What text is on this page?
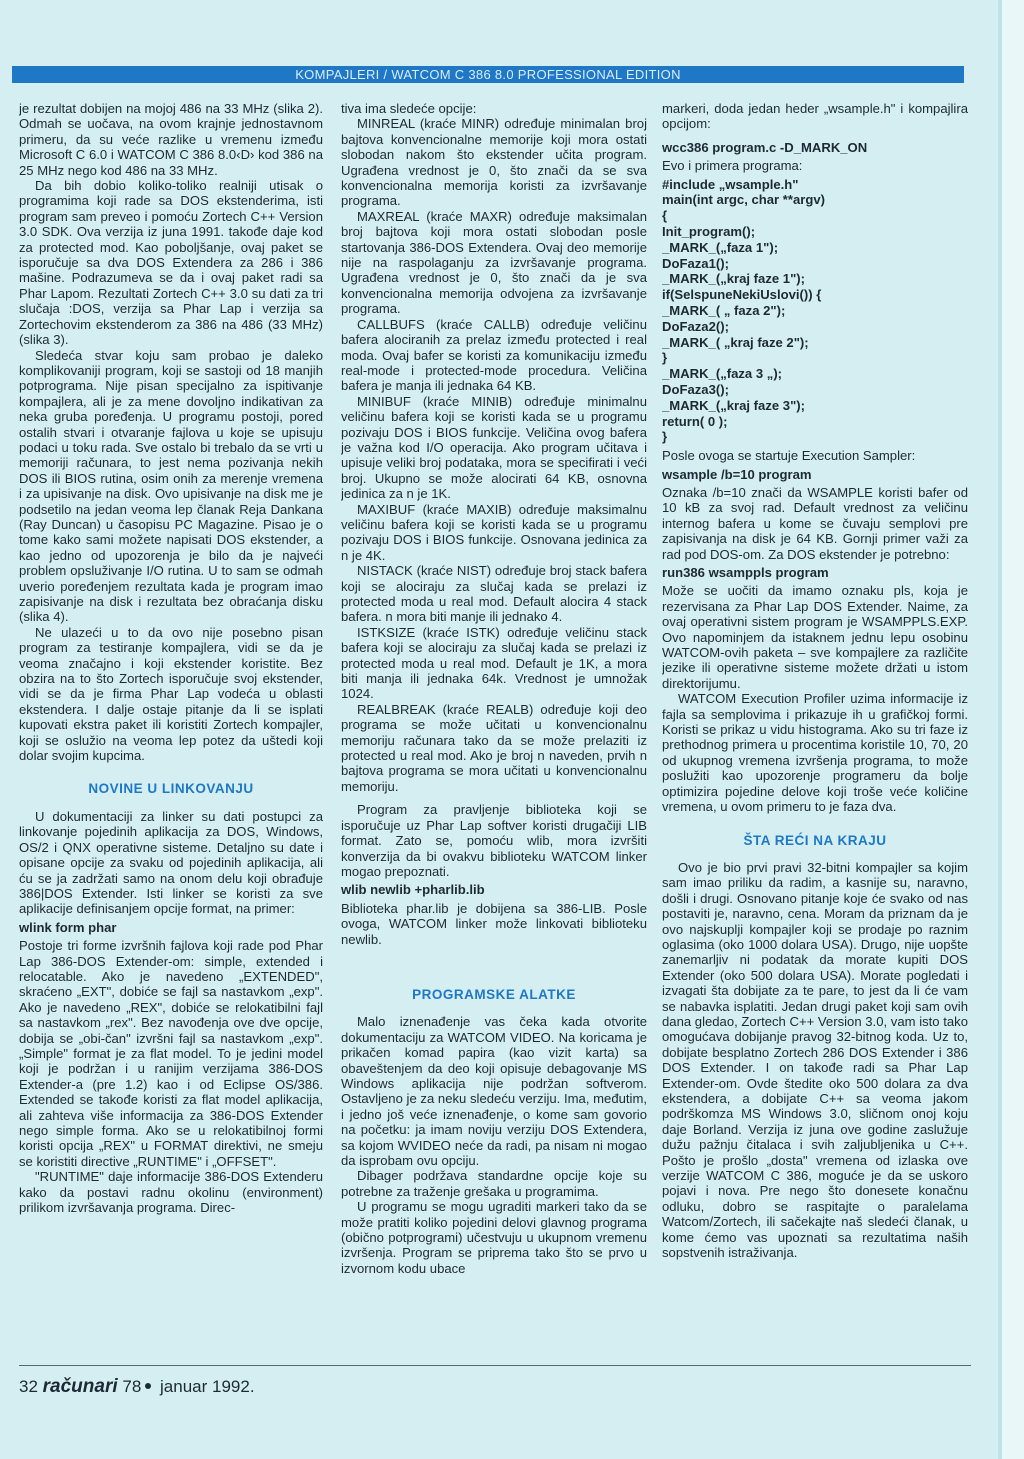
KOMPAJLERI / WATCOM C 386 8.0 PROFESSIONAL EDITION

je rezultat dobijen na mojoj 486 na 33 MHz (slika 2). Odmah se uočava, na ovom krajnje jednostavnom primeru, da su veće razlike u vremenu između Microsoft C 6.0 i WATCOM C 386 8.0‹D› kod 386 na 25 MHz nego kod 486 na 33 MHz.

Da bih dobio koliko-toliko realniji utisak o programima koji rade sa DOS ekstenderima, isti program sam preveo i pomoću Zortech C++ Version 3.0 SDK. Ova verzija iz juna 1991. takođe daje kod za protected mod. Kao poboljšanje, ovaj paket se isporučuje sa dva DOS Extendera za 286 i 386 mašine. Podrazumeva se da i ovaj paket radi sa Phar Lapom. Rezultati Zortech C++ 3.0 su dati za tri slučaja :DOS, verzija sa Phar Lap i verzija sa Zortechovim ekstenderom za 386 na 486 (33 MHz) (slika 3).

Sledeća stvar koju sam probao je daleko komplikovaniji program, koji se sastoji od 18 manjih potprograma. Nije pisan specijalno za ispitivanje kompajlera, ali je za mene dovoljno indikativan za neka gruba poređenja. U programu postoji, pored ostalih stvari i otvaranje fajlova u koje se upisuju podaci u toku rada. Sve ostalo bi trebalo da se vrti u memoriji računara, to jest nema pozivanja nekih DOS ili BIOS rutina, osim onih za merenje vremena i za upisivanje na disk. Ovo upisivanje na disk me je podsetilo na jedan veoma lep članak Reja Dankana (Ray Duncan) u časopisu PC Magazine. Pisao je o tome kako sami možete napisati DOS ekstender, a kao jedno od upozorenja je bilo da je najveći problem opsluživanje I/O rutina. U to sam se odmah uverio poređenjem rezultata kada je program imao zapisivanje na disk i rezultata bez obraćanja disku (slika 4).

Ne ulazeći u to da ovo nije posebno pisan program za testiranje kompajlera, vidi se da je veoma značajno i koji ekstender koristite. Bez obzira na to što Zortech isporučuje svoj ekstender, vidi se da je firma Phar Lap vodeća u oblasti ekstendera. I dalje ostaje pitanje da li se isplati kupovati ekstra paket ili koristiti Zortech kompajler, koji se oslužio na veoma lep potez da uštedi koji dolar svojim kupcima.

NOVINE U LINKOVANJU

U dokumentaciji za linker su dati postupci za linkovanje pojedinih aplikacija za DOS, Windows, OS/2 i QNX operativne sisteme. Detaljno su date i opisane opcije za svaku od pojedinih aplikacija, ali ću se ja zadržati samo na onom delu koji obrađuje 386|DOS Extender. Isti linker se koristi za sve aplikacije definisanjem opcije format, na primer:

wlink form phar

Postoje tri forme izvršnih fajlova koji rade pod Phar Lap 386-DOS Extender-om: simple, extended i relocatable. Ako je navedeno „EXTENDED", skraćeno „EXT", dobiće se fajl sa nastavkom „exp". Ako je navedeno „REX", dobiće se relokatibilni fajl sa nastavkom „rex". Bez navođenja ove dve opcije, dobija se „obi-čan" izvršni fajl sa nastavkom „exp". „Simple" format je za flat model. To je jedini model koji je podržan i u ranijim verzijama 386-DOS Extender-a (pre 1.2) kao i od Eclipse OS/386. Extended se takođe koristi za flat model aplikacija, ali zahteva više informacija za 386-DOS Extender nego simple forma. Ako se u relokatibilnoj formi koristi opcija „REX" u FORMAT direktivi, ne smeju se koristiti directive „RUNTIME" i „OFFSET".

"RUNTIME" daje informacije 386-DOS Extenderu kako da postavi radnu okolinu (environment) prilikom izvršavanja programa. Direc-

tiva ima sledeće opcije:

MINREAL (kraće MINR) određuje minimalan broj bajtova konvencionalne memorije koji mora ostati slobodan nakom što ekstender učita program. Ugrađena vrednost je 0, što znači da se sva konvencionalna memorija koristi za izvršavanje programa.

MAXREAL (kraće MAXR) određuje maksimalan broj bajtova koji mora ostati slobodan posle startovanja 386-DOS Extendera. Ovaj deo memorije nije na raspolaganju za izvršavanje programa. Ugrađena vrednost je 0, što znači da je sva konvencionalna memorija odvojena za izvršavanje programa.

CALLBUFS (kraće CALLB) određuje veličinu bafera alociranih za prelaz između protected i real moda. Ovaj bafer se koristi za komunikaciju između real-mode i protected-mode procedura. Veličina bafera je manja ili jednaka 64 KB.

MINIBUF (kraće MINIB) određuje minimalnu veličinu bafera koji se koristi kada se u programu pozivaju DOS i BIOS funkcije. Veličina ovog bafera je važna kod I/O operacija. Ako program učitava i upisuje veliki broj podataka, mora se specifirati i veći broj. Ukupno se može alocirati 64 KB, osnovna jedinica za n je 1K.

MAXIBUF (kraće MAXIB) određuje maksimalnu veličinu bafera koji se koristi kada se u programu pozivaju DOS i BIOS funkcije. Osnovana jedinica za n je 4K.

NISTACK (kraće NIST) određuje broj stack bafera koji se alociraju za slučaj kada se prelazi iz protected moda u real mod. Default alocira 4 stack bafera. n mora biti manje ili jednako 4.

ISTKSIZE (kraće ISTK) određuje veličinu stack bafera koji se alociraju za slučaj kada se prelazi iz protected moda u real mod. Default je 1K, a mora biti manja ili jednaka 64k. Vrednost je umnožak 1024.

REALBREAK (kraće REALB) određuje koji deo programa se može učitati u konvencionalnu memoriju računara tako da se može prelaziti iz protected u real mod. Ako je broj n naveden, prvih n bajtova programa se mora učitati u konvencionalnu memoriju.

Program za pravljenje biblioteka koji se isporučuje uz Phar Lap softver koristi drugačiji LIB format. Zato se, pomoću wlib, mora izvršiti konverzija da bi ovakvu biblioteku WATCOM linker mogao prepoznati.

wlib newlib +pharlib.lib

Biblioteka phar.lib je dobijena sa 386-LIB. Posle ovoga, WATCOM linker može linkovati biblioteku newlib.

PROGRAMSKE ALATKE

Malo iznenađenje vas čeka kada otvorite dokumentaciju za WATCOM VIDEO. Na koricama je prikačen komad papira (kao vizit karta) sa obaveštenjem da deo koji opisuje debagovanje MS Windows aplikacija nije podržan softverom. Ostavljeno je za neku sledeću verziju. Ima, međutim, i jedno još veće iznenađenje, o kome sam govorio na početku: ja imam noviju verziju DOS Extendera, sa kojom WVIDEO neće da radi, pa nisam ni mogao da isprobam ovu opciju.

Dibager podržava standardne opcije koje su potrebne za traženje grešaka u programima.

U programu se mogu ugraditi markeri tako da se može pratiti koliko pojedini delovi glavnog programa (obično potprogrami) učestvuju u ukupnom vremenu izvršenja. Program se pripremа tako što se prvo u izvornom kodu ubace

markeri, doda jedan heder „wsample.h" i kompajlira opcijom:

wcc386 program.c -D_MARK_ON

Evo i primera programa:

#include „wsample.h"
main(int argc, char **argv)
{
Init_program();
_MARK_(„faza 1");
DoFaza1();
_MARK_(„kraj faze 1");
if(SelspuneNekiUslovi()) {
_MARK_( „ faza 2");
DoFaza2();
_MARK_( „kraj faze 2");
}
_MARK_(„faza 3 „);
DoFaza3();
_MARK_(„kraj faze 3");
return( 0 );
}

Posle ovoga se startuje Execution Sampler:

wsample /b=10 program

Oznaka /b=10 znači da WSAMPLE koristi bafer od 10 kB za svoj rad. Default vrednost za veličinu internog bafera u kome se čuvaju semplovi pre zapisivanja na disk je 64 KB. Gornji primer važi za rad pod DOS-om. Za DOS ekstender je potrebno:

run386 wsamppls program

Može se uočiti da imamo oznaku pls, koja je rezervisana za Phar Lap DOS Extender. Naime, za ovaj operativni sistem program je WSAMPPLS.EXP. Ovo napominjem da istaknem jednu lepu osobinu WATCOM-ovih paketa – sve kompajlere za različite jezike ili operativne sisteme možete držati u istom direktorijumu.

WATCOM Execution Profiler uzima informacije iz fajla sa semplovima i prikazuje ih u grafičkoj formi. Koristi se prikaz u vidu histograma. Ako su tri faze iz prethodnog primera u procentima koristile 10, 70, 20 od ukupnog vremena izvršenja programa, to može poslužiti kao upozorenje programeru da bolje optimizira pojedine delove koji troše veće količine vremena, u ovom primeru to je faza dva.

ŠTA REĆI NA KRAJU

Ovo je bio prvi pravi 32-bitni kompajler sa kojim sam imao priliku da radim, a kasnije su, naravno, došli i drugi. Osnovano pitanje koje će svako od nas postaviti je, naravno, cena. Moram da priznam da je ovo najskuplji kompajler koji se prodaje po raznim oglasima (oko 1000 dolara USA). Drugo, nije uopšte zanemarljiv ni podatak da morate kupiti DOS Extender (oko 500 dolara USA). Morate pogledati i izvagati šta dobijate za te pare, to jest da li će vam se nabavka isplatiti. Jedan drugi paket koji sam ovih dana gledao, Zortech C++ Version 3.0, vam isto tako omogućava dobijanje pravog 32-bitnog koda. Uz to, dobijate besplatno Zortech 286 DOS Extender i 386 DOS Extender. I on takođe radi sa Phar Lap Extender-om. Ovde štedite oko 500 dolara za dva ekstendera, a dobijate C++ sa veoma jakom podrškomza MS Windows 3.0, sličnom onoj koju daje Borland. Verzija iz juna ove godine zaslužuje dužu pažnju čitalaca i svih zaljubljenika u C++. Pošto je prošlo „dosta" vremena od izlaska ove verzije WATCOM C 386, moguće je da se uskoro pojavi i nova. Pre nego što donesete konačnu odluku, dobro se raspitajte o paralelama Watcom/Zortech, ili sačekajte naš sledeći članak, u kome ćemo vas upoznati sa rezultatima naših sopstvenih istraživanja.

32 računari 78 januar 1992.
